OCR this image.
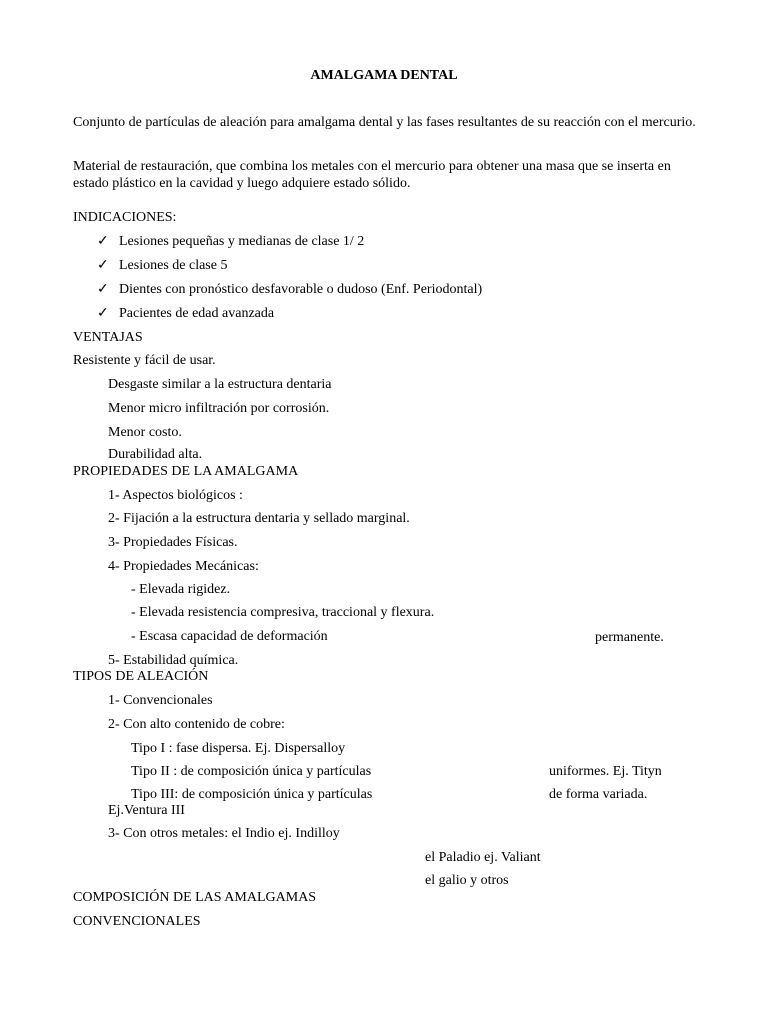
AMALGAMA DENTAL
Conjunto de partículas de aleación para amalgama dental y las fases resultantes de su reacción con el mercurio.
Material de restauración, que combina los metales con el mercurio para obtener una masa que se inserta en estado plástico en la cavidad y luego adquiere estado sólido.
INDICACIONES:
✓ Lesiones pequeñas y medianas de clase 1/ 2
✓ Lesiones de clase 5
✓ Dientes con pronóstico desfavorable o dudoso (Enf. Periodontal)
✓ Pacientes de edad avanzada
VENTAJAS
Resistente y fácil de usar.
Desgaste similar a la estructura dentaria
Menor micro infiltración por corrosión.
Menor costo.
Durabilidad alta.
PROPIEDADES DE LA AMALGAMA
1- Aspectos biológicos :
2- Fijación a la estructura dentaria y sellado marginal.
3- Propiedades Físicas.
4- Propiedades Mecánicas:
- Elevada rigidez.
- Elevada resistencia compresiva, traccional y flexura.
- Escasa capacidad de deformación	permanente.
5- Estabilidad química.
TIPOS DE ALEACIÓN
1- Convencionales
2- Con alto contenido de cobre:
Tipo I : fase dispersa. Ej. Dispersalloy
Tipo II : de composición única y partículas	uniformes. Ej. Tityn
Tipo III: de composición única y partículas	de forma variada.
Ej.Ventura III
3- Con otros metales: el Indio ej. Indilloy
el Paladio ej. Valiant
el galio y otros
COMPOSICIÓN DE LAS AMALGAMAS
CONVENCIONALES
